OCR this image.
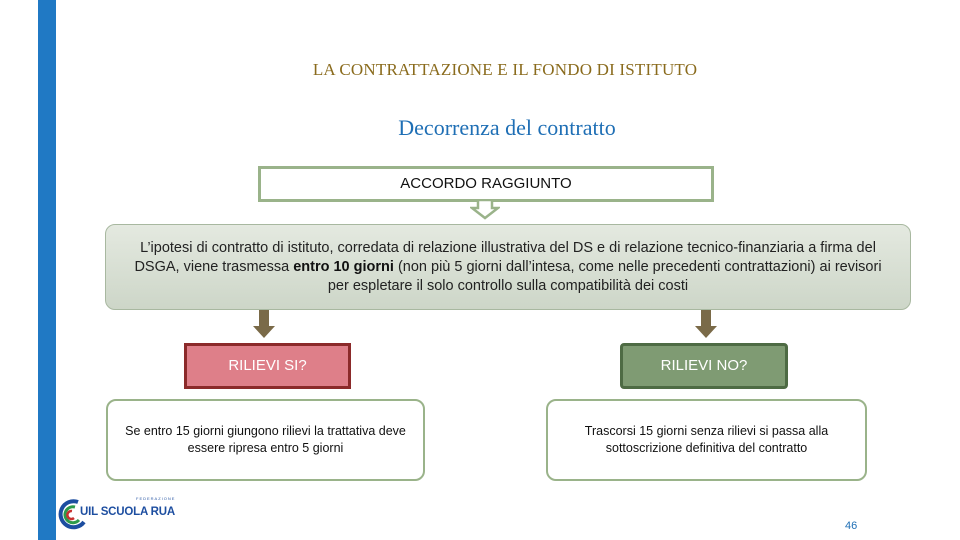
LA CONTRATTAZIONE E IL FONDO DI ISTITUTO
Decorrenza del contratto
ACCORDO RAGGIUNTO
L’ipotesi di contratto di istituto, corredata di relazione illustrativa del DS e di relazione tecnico-finanziaria a firma del DSGA, viene trasmessa entro 10 giorni (non più 5 giorni dall’intesa, come nelle precedenti contrattazioni) ai revisori per espletare il solo controllo sulla compatibilità dei costi
RILIEVI SI?	RILIEVI NO?
Se entro 15 giorni giungono rilievi la trattativa deve essere ripresa entro 5 giorni
Trascorsi 15 giorni senza rilievi si passa alla sottoscrizione definitiva del contratto
FEDERAZIONE
UIL SCUOLA RUA
46
